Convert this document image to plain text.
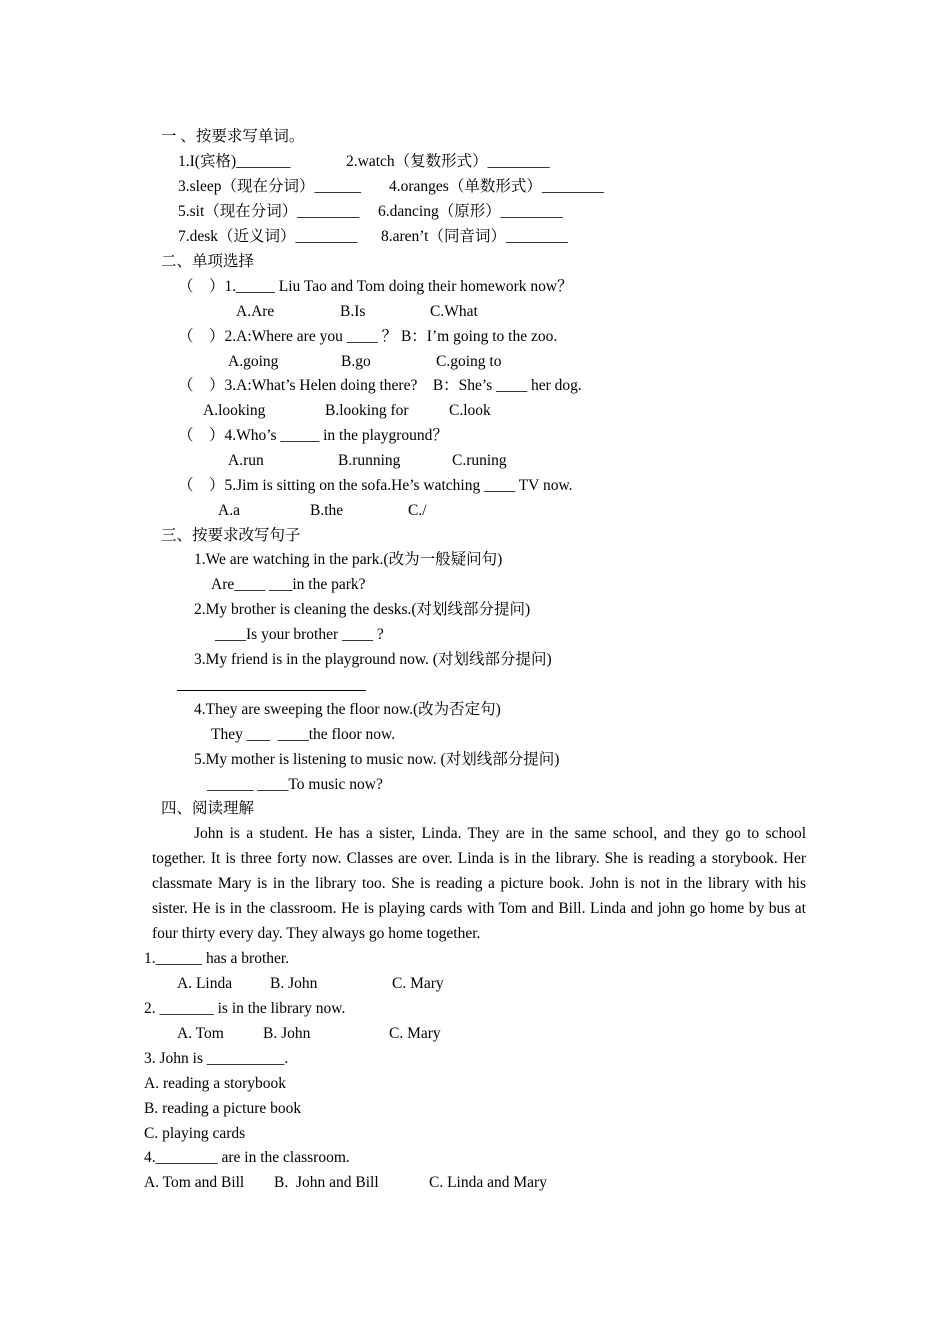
一 、按要求写单词。
1.I(宾格)_______	2.watch（复数形式）________
3.sleep（现在分词）______ 4.oranges（单数形式）________
5.sit（现在分词）________ 6.dancing（原形）________
7.desk（近义词）________ 8.aren’t（同音词）________
二、单项选择
（　）1._____ Liu Tao and Tom doing their homework now？
A.Are	B.Is	C.What
（　）2.A:Where are you ____ ？ B：I’m going to the zoo.
A.going	B.go	C.going to
（　）3.A:What’s Helen doing there?　B：She’s ____ her dog.
A.looking	B.looking for	C.look
（　）4.Who’s _____ in the playground？
A.run	B.running	C.runing
（　）5.Jim is sitting on the sofa.He’s watching ____ TV now.
A.a	B.the	C./
三、按要求改写句子
1.We are watching in the park.(改为一般疑问句)
Are____ ___in the park?
2.My brother is cleaning the desks.(对划线部分提问)
____Is your brother ____ ?
3.My friend is in the playground now. (对划线部分提问)
4.They are sweeping the floor now.(改为否定句)
They ___  ____the floor now.
5.My mother is listening to music now. (对划线部分提问)
______ ____To music now?
四、阅读理解
John is a student. He has a sister, Linda. They are in the same school, and they go to school together. It is three forty now. Classes are over. Linda is in the library. She is reading a storybook. Her classmate Mary is in the library too. She is reading a picture book. John is not in the library with his sister. He is in the classroom. He is playing cards with Tom and Bill. Linda and john go home by bus at four thirty every day. They always go home together.
1.______ has a brother.
A. Linda B. John	C. Mary
2. _______ is in the library now.
A. Tom	B. John	C. Mary
3. John is __________.
A. reading a storybook
B. reading a picture book
C. playing cards
4.________ are in the classroom.
A. Tom and Bill B.  John and Bill	C. Linda and Mary
